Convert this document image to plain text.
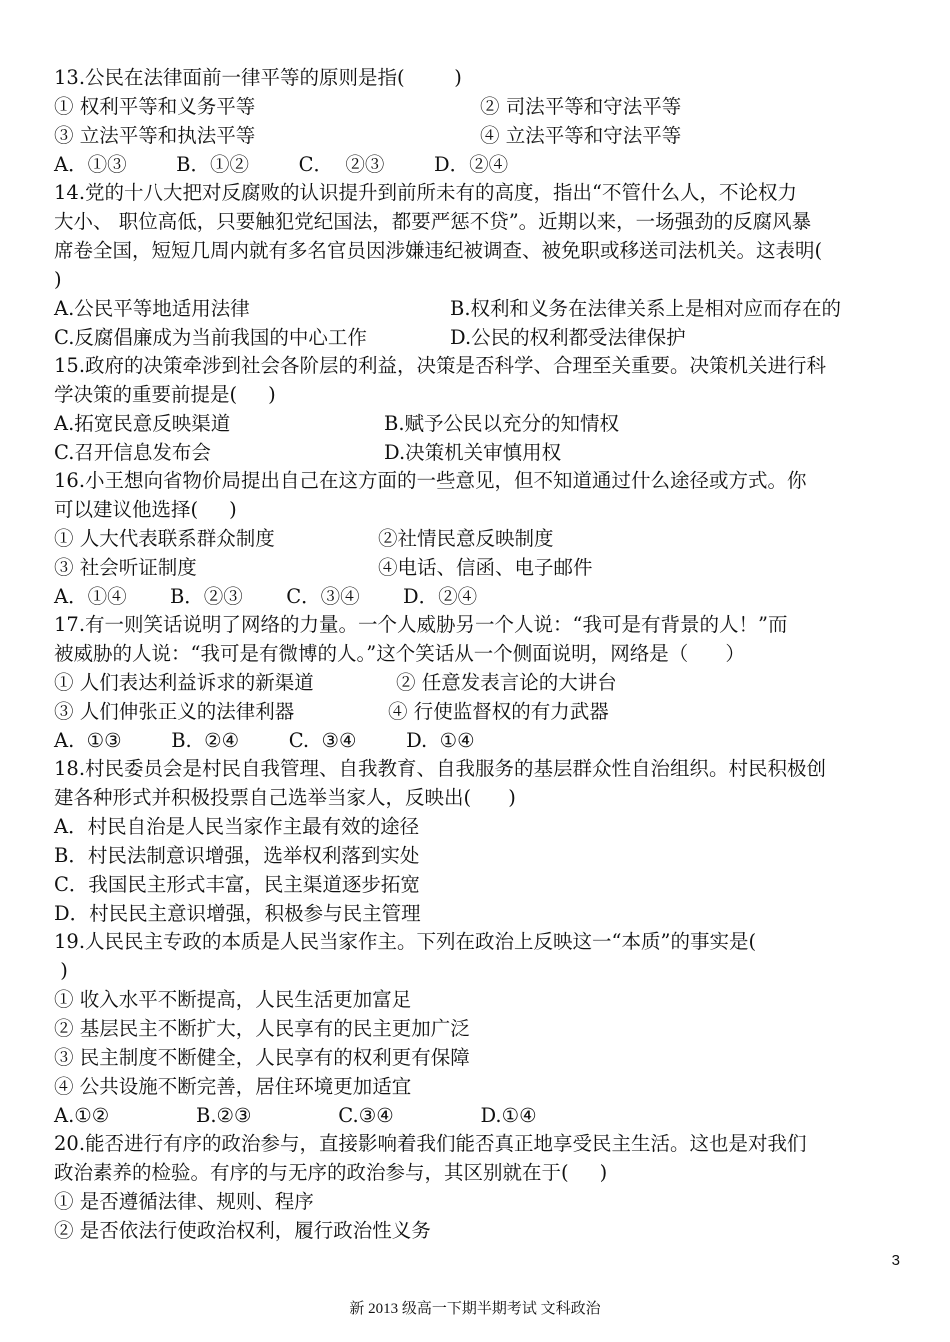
13.公民在法律面前一律平等的原则是指(        )
① 权利平等和义务平等	② 司法平等和守法平等
③ 立法平等和执法平等	④ 立法平等和守法平等
A．①③        B．①②        C．  ②③        D．②④
14.党的十八大把对反腐败的认识提升到前所未有的高度，指出“不管什么人，不论权力
大小、 职位高低，只要触犯党纪国法，都要严惩不贷”。近期以来，一场强劲的反腐风暴
席卷全国，短短几周内就有多名官员因涉嫌违纪被调查、被免职或移送司法机关。这表明(
)
A.公民平等地适用法律	B.权利和义务在法律关系上是相对应而存在的
C.反腐倡廉成为当前我国的中心工作	D.公民的权利都受法律保护
15.政府的决策牵涉到社会各阶层的利益，决策是否科学、合理至关重要。决策机关进行科
学决策的重要前提是(     )
A.拓宽民意反映渠道	B.赋予公民以充分的知情权
C.召开信息发布会	D.决策机关审慎用权
16.小王想向省物价局提出自己在这方面的一些意见，但不知道通过什么途径或方式。你
可以建议他选择(     )
① 人大代表联系群众制度	②社情民意反映制度
③ 社会听证制度	④电话、信函、电子邮件
A．①④       B．②③       C．③④       D．②④
17.有一则笑话说明了网络的力量。一个人威胁另一个人说：“我可是有背景的人！”而
被威胁的人说：“我可是有微博的人。”这个笑话从一个侧面说明，网络是（      ）
① 人们表达利益诉求的新渠道	② 任意发表言论的大讲台
③ 人们伸张正义的法律利器	④ 行使监督权的有力武器
A.  ①③        B.  ②④        C.  ③④        D.  ①④
18.村民委员会是村民自我管理、自我教育、自我服务的基层群众性自治组织。村民积极创
建各种形式并积极投票自己选举当家人，反映出(      )
A．村民自治是人民当家作主最有效的途径
B．村民法制意识增强，选举权利落到实处
C．我国民主形式丰富，民主渠道逐步拓宽
D．村民民主意识增强，积极参与民主管理
19.人民民主专政的本质是人民当家作主。下列在政治上反映这一“本质”的事实是(
)
① 收入水平不断提高，人民生活更加富足
② 基层民主不断扩大，人民享有的民主更加广泛
③ 民主制度不断健全，人民享有的权利更有保障
④ 公共设施不断完善，居住环境更加适宜
A.①②              B.②③              C.③④              D.①④
20.能否进行有序的政治参与，直接影响着我们能否真正地享受民主生活。这也是对我们
政治素养的检验。有序的与无序的政治参与，其区别就在于(     )
① 是否遵循法律、规则、程序
② 是否依法行使政治权利，履行政治性义务
3
新 2013 级高一下期半期考试 文科政治
